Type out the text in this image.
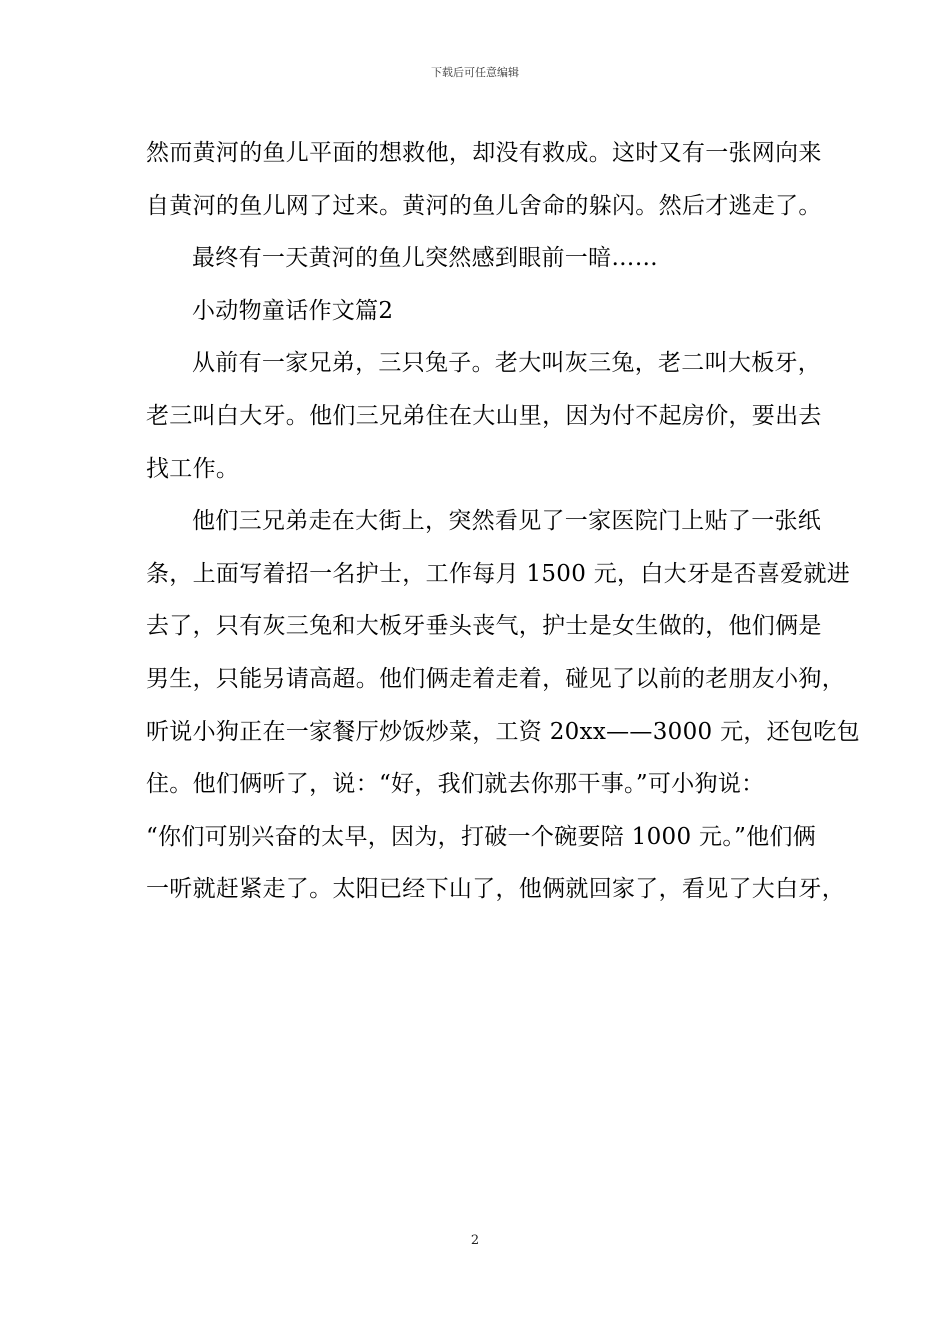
下载后可任意编辑

然而黄河的鱼儿平面的想救他，却没有救成。这时又有一张网向来
自黄河的鱼儿网了过来。黄河的鱼儿舍命的躲闪。然后才逃走了。

最终有一天黄河的鱼儿突然感到眼前一暗……

小动物童话作文篇2

从前有一家兄弟，三只兔子。老大叫灰三兔，老二叫大板牙，
老三叫白大牙。他们三兄弟住在大山里，因为付不起房价，要出去
找工作。

他们三兄弟走在大街上，突然看见了一家医院门上贴了一张纸
条，上面写着招一名护士，工作每月 1500 元，白大牙是否喜爱就进
去了，只有灰三兔和大板牙垂头丧气，护士是女生做的，他们俩是
男生，只能另请高超。他们俩走着走着，碰见了以前的老朋友小狗，
听说小狗正在一家餐厅炒饭炒菜，工资 20xx——3000 元，还包吃包
住。他们俩听了，说：“好，我们就去你那干事。”可小狗说：
“你们可别兴奋的太早，因为，打破一个碗要陪 1000 元。”他们俩
一听就赶紧走了。太阳已经下山了，他俩就回家了，看见了大白牙，

2
